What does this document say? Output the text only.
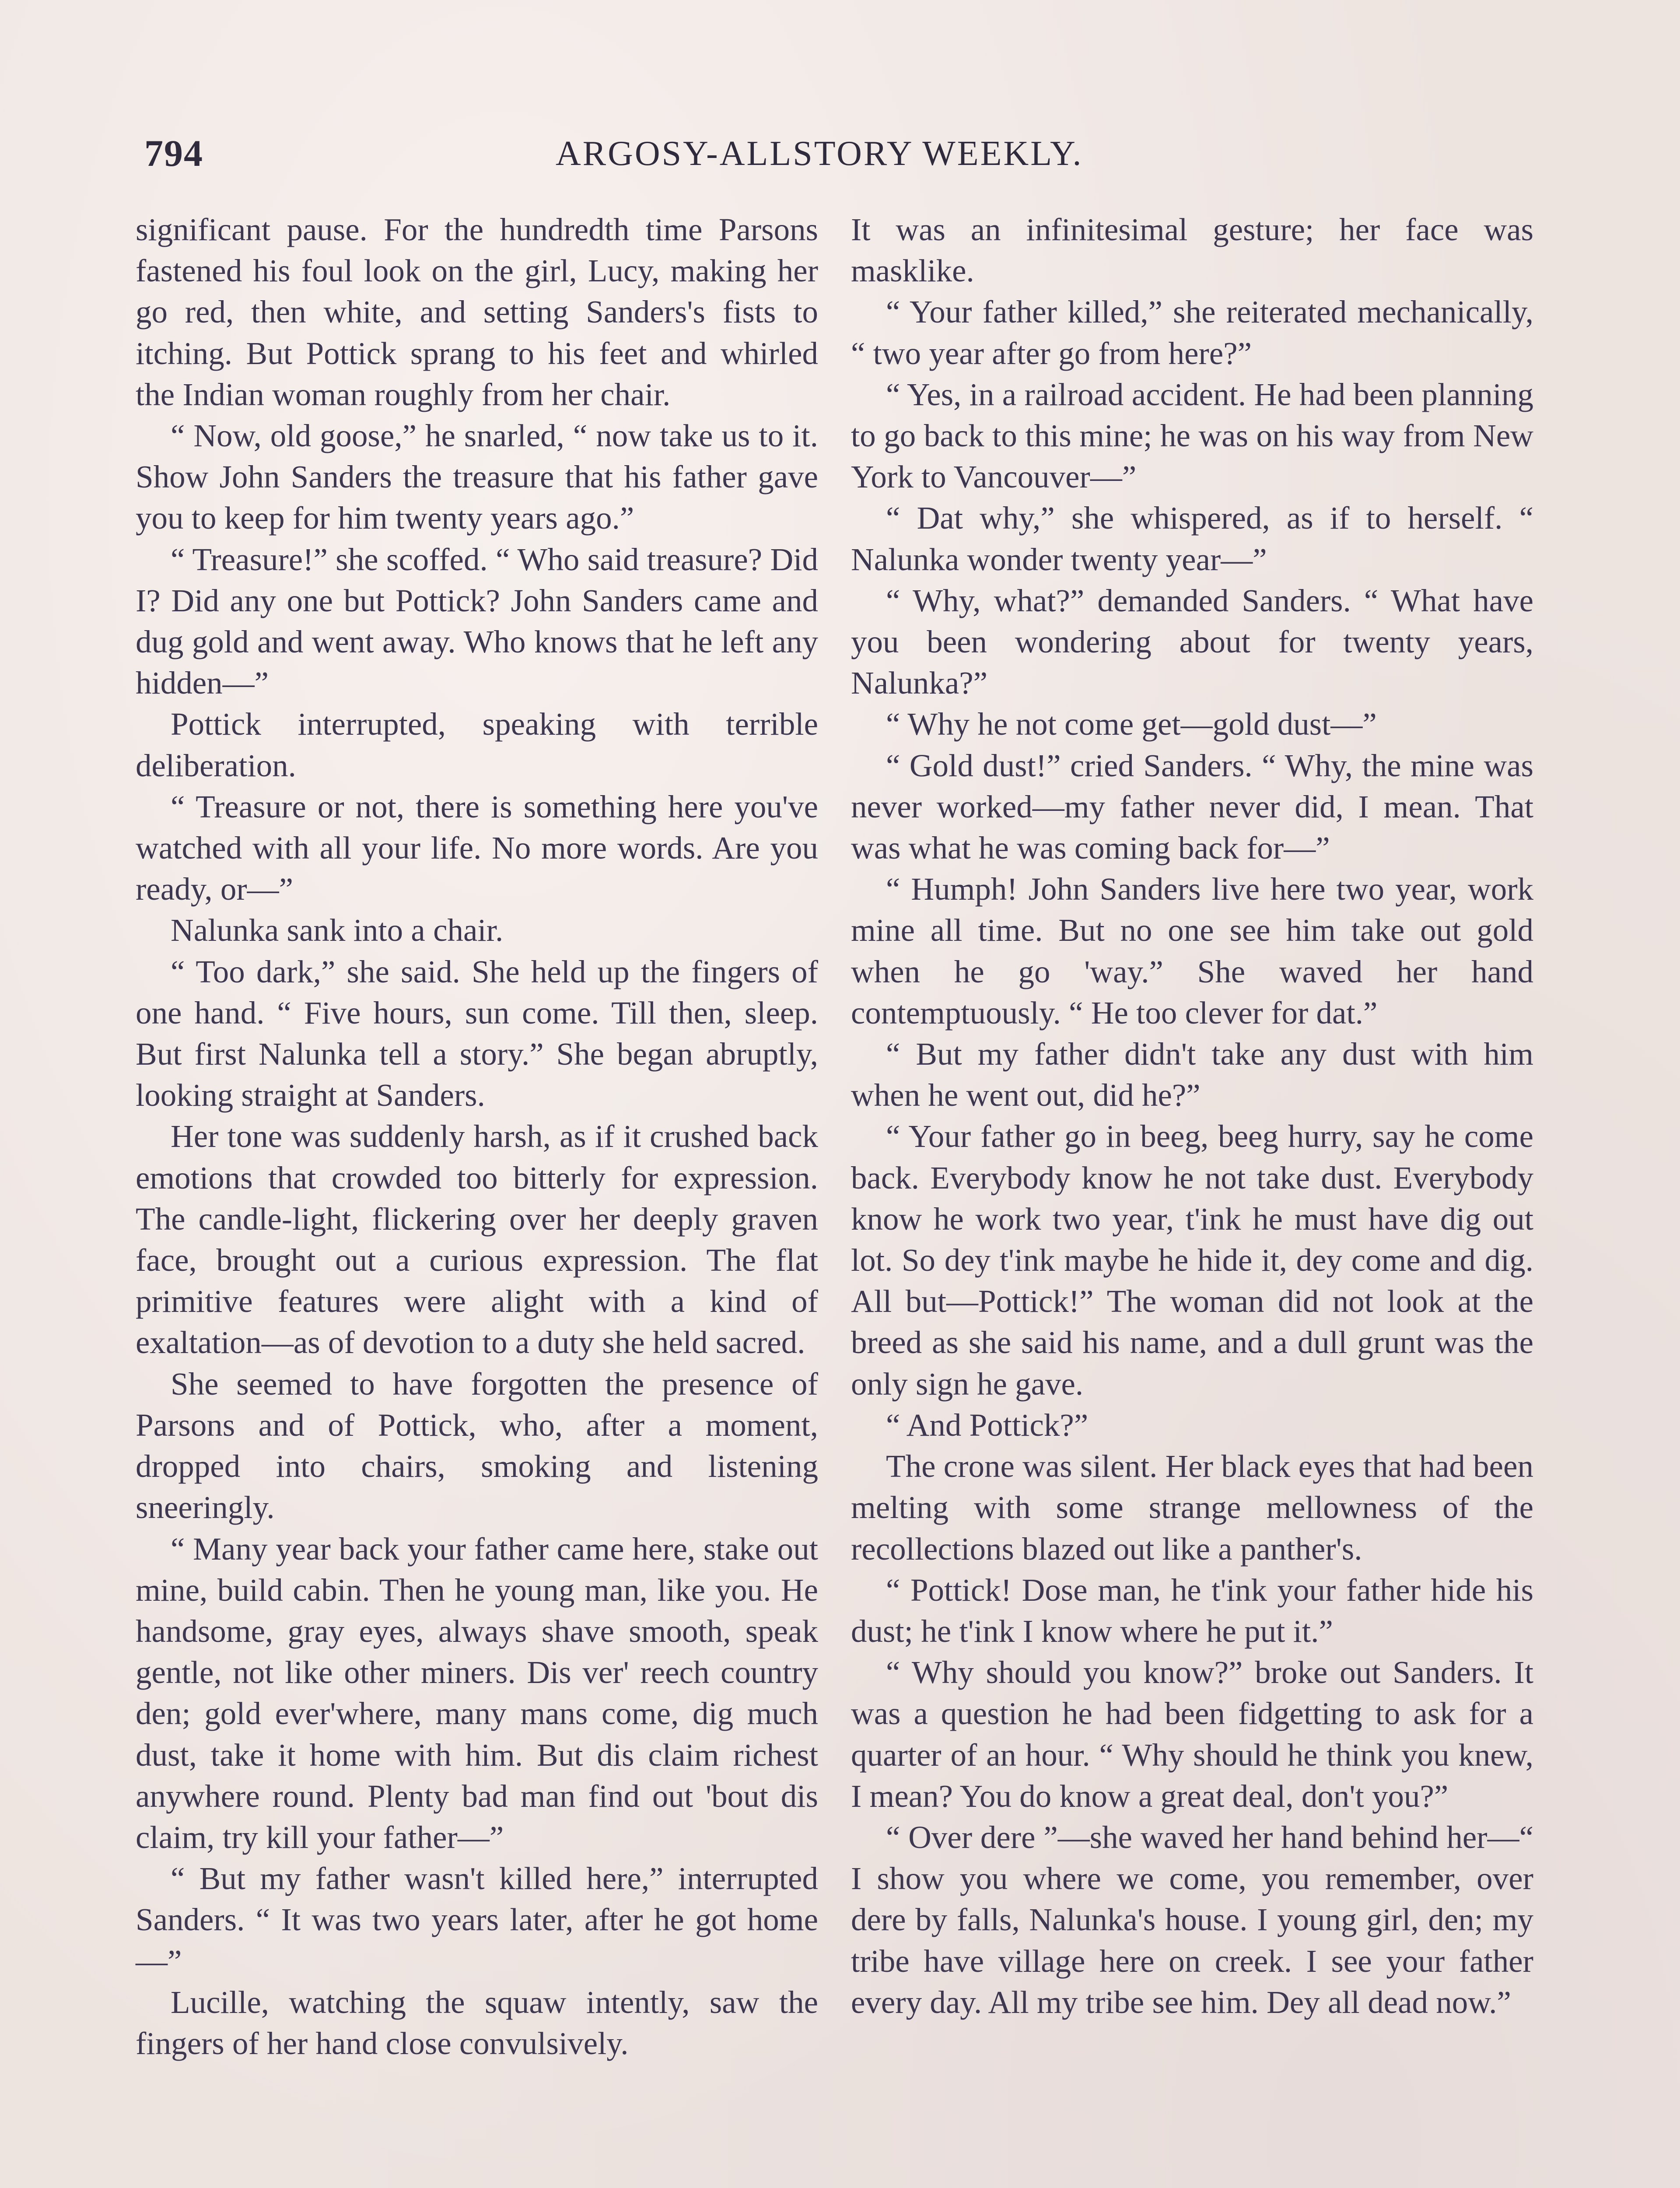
794	ARGOSY-ALLSTORY WEEKLY.

significant pause. For the hundredth time Parsons fastened his foul look on the girl, Lucy, making her go red, then white, and setting Sanders's fists to itching. But Pottick sprang to his feet and whirled the Indian woman roughly from her chair.

“ Now, old goose,” he snarled, “ now take us to it. Show John Sanders the treasure that his father gave you to keep for him twenty years ago.”

“ Treasure!” she scoffed. “ Who said treasure? Did I? Did any one but Pottick? John Sanders came and dug gold and went away. Who knows that he left any hidden—”

Pottick interrupted, speaking with terrible deliberation.

“ Treasure or not, there is something here you've watched with all your life. No more words. Are you ready, or—”

Nalunka sank into a chair.

“ Too dark,” she said. She held up the fingers of one hand. “ Five hours, sun come. Till then, sleep. But first Nalunka tell a story.” She began abruptly, looking straight at Sanders.

Her tone was suddenly harsh, as if it crushed back emotions that crowded too bitterly for expression. The candle-light, flickering over her deeply graven face, brought out a curious expression. The flat primitive features were alight with a kind of exaltation—as of devotion to a duty she held sacred.

She seemed to have forgotten the presence of Parsons and of Pottick, who, after a moment, dropped into chairs, smoking and listening sneeringly.

“ Many year back your father came here, stake out mine, build cabin. Then he young man, like you. He handsome, gray eyes, always shave smooth, speak gentle, not like other miners. Dis ver' reech country den; gold ever'where, many mans come, dig much dust, take it home with him. But dis claim richest anywhere round. Plenty bad man find out 'bout dis claim, try kill your father—”

“ But my father wasn't killed here,” interrupted Sanders. “ It was two years later, after he got home—”

Lucille, watching the squaw intently, saw the fingers of her hand close convulsively.

It was an infinitesimal gesture; her face was masklike.

“ Your father killed,” she reiterated mechanically, “ two year after go from here?”

“ Yes, in a railroad accident. He had been planning to go back to this mine; he was on his way from New York to Vancouver—”

“ Dat why,” she whispered, as if to herself. “ Nalunka wonder twenty year—”

“ Why, what?” demanded Sanders. “ What have you been wondering about for twenty years, Nalunka?”

“ Why he not come get—gold dust—”

“ Gold dust!” cried Sanders. “ Why, the mine was never worked—my father never did, I mean. That was what he was coming back for—”

“ Humph! John Sanders live here two year, work mine all time. But no one see him take out gold when he go 'way.” She waved her hand contemptuously. “ He too clever for dat.”

“ But my father didn't take any dust with him when he went out, did he?”

“ Your father go in beeg, beeg hurry, say he come back. Everybody know he not take dust. Everybody know he work two year, t'ink he must have dig out lot. So dey t'ink maybe he hide it, dey come and dig. All but—Pottick!” The woman did not look at the breed as she said his name, and a dull grunt was the only sign he gave.

“ And Pottick?”

The crone was silent. Her black eyes that had been melting with some strange mellowness of the recollections blazed out like a panther's.

“ Pottick! Dose man, he t'ink your father hide his dust; he t'ink I know where he put it.”

“ Why should you know?” broke out Sanders. It was a question he had been fidgetting to ask for a quarter of an hour. “ Why should he think you knew, I mean? You do know a great deal, don't you?”

“ Over dere ”—she waved her hand behind her—“ I show you where we come, you remember, over dere by falls, Nalunka's house. I young girl, den; my tribe have village here on creek. I see your father every day. All my tribe see him. Dey all dead now.”
